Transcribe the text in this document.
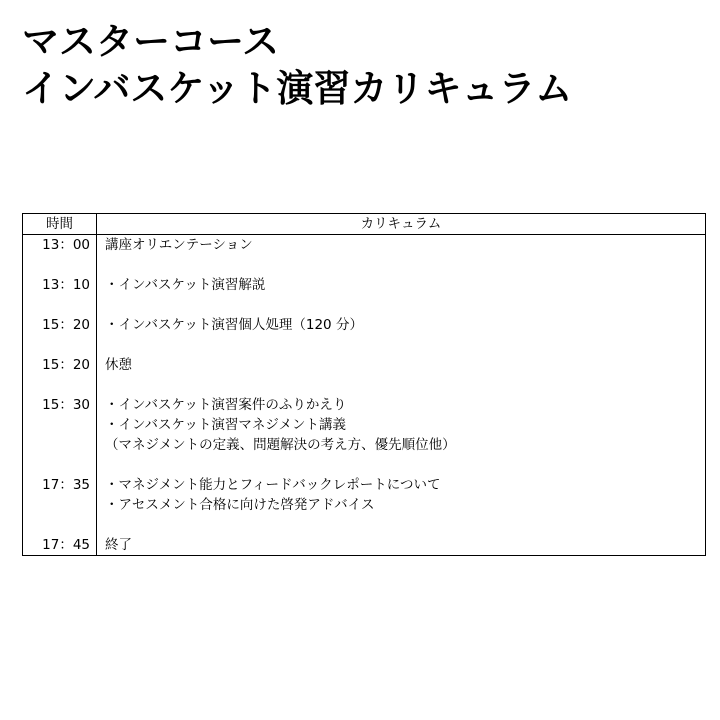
マスターコース
インバスケット演習カリキュラム
時間	カリキュラム
13：00	講座オリエンテーション

13：10	・インバスケット演習解説

15：20	・インバスケット演習個人処理（120 分）

15：20	休憩

15：30	・インバスケット演習案件のふりかえり
・インバスケット演習マネジメント講義
（マネジメントの定義、問題解決の考え方、優先順位他）

17：35	・マネジメント能力とフィードバックレポートについて
・アセスメント合格に向けた啓発アドバイス

17：45	終了
